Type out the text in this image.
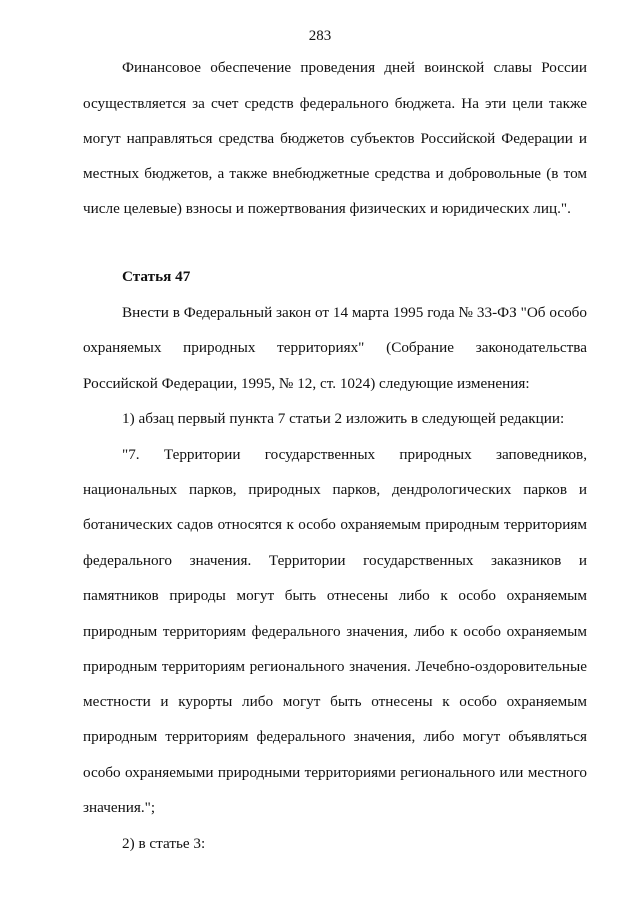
283
Финансовое обеспечение проведения дней воинской славы России
осуществляется за счет средств федерального бюджета. На эти цели также
могут направляться средства бюджетов субъектов Российской Федерации и
местных бюджетов, а также внебюджетные средства и добровольные (в том
числе целевые) взносы и пожертвования физических и юридических лиц.".
Статья 47
Внести в Федеральный закон от 14 марта 1995 года № 33-ФЗ "Об особо
охраняемых природных территориях" (Собрание законодательства
Российской Федерации, 1995, № 12, ст. 1024) следующие изменения:
1) абзац первый пункта 7 статьи 2 изложить в следующей редакции:
"7. Территории государственных природных заповедников,
национальных парков, природных парков, дендрологических парков и
ботанических садов относятся к особо охраняемым природным территориям
федерального значения. Территории государственных заказников и
памятников природы могут быть отнесены либо к особо охраняемым
природным территориям федерального значения, либо к особо охраняемым
природным территориям регионального значения. Лечебно-оздоровительные
местности и курорты либо могут быть отнесены к особо охраняемым
природным территориям федерального значения, либо могут объявляться
особо охраняемыми природными территориями регионального или местного
значения.";
2) в статье 3:
